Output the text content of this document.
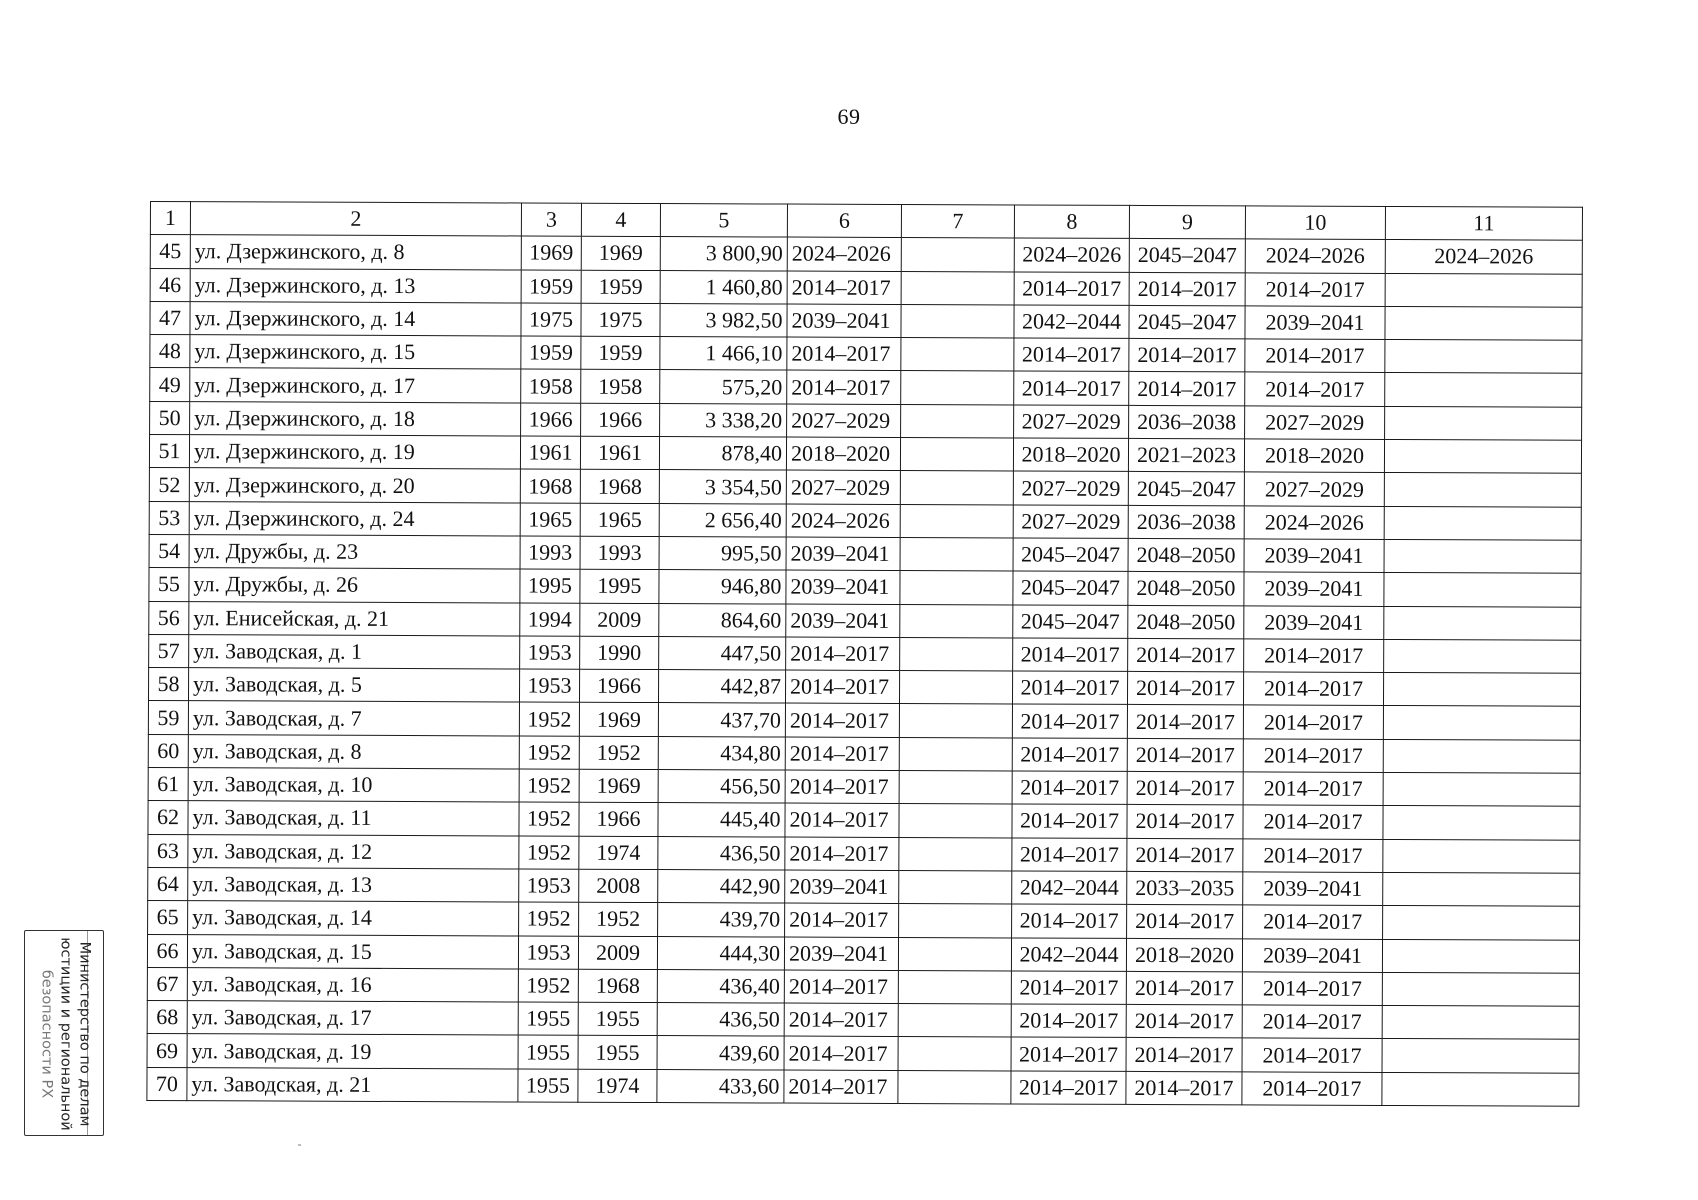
69
1	2	3	4	5	6	7	8	9	10	11
45	ул. Дзержинского, д. 8	1969	1969	3 800,90	2024–2026		2024–2026	2045–2047	2024–2026	2024–2026
46	ул. Дзержинского, д. 13	1959	1959	1 460,80	2014–2017		2014–2017	2014–2017	2014–2017	
47	ул. Дзержинского, д. 14	1975	1975	3 982,50	2039–2041		2042–2044	2045–2047	2039–2041	
48	ул. Дзержинского, д. 15	1959	1959	1 466,10	2014–2017		2014–2017	2014–2017	2014–2017	
49	ул. Дзержинского, д. 17	1958	1958	575,20	2014–2017		2014–2017	2014–2017	2014–2017	
50	ул. Дзержинского, д. 18	1966	1966	3 338,20	2027–2029		2027–2029	2036–2038	2027–2029	
51	ул. Дзержинского, д. 19	1961	1961	878,40	2018–2020		2018–2020	2021–2023	2018–2020	
52	ул. Дзержинского, д. 20	1968	1968	3 354,50	2027–2029		2027–2029	2045–2047	2027–2029	
53	ул. Дзержинского, д. 24	1965	1965	2 656,40	2024–2026		2027–2029	2036–2038	2024–2026	
54	ул. Дружбы, д. 23	1993	1993	995,50	2039–2041		2045–2047	2048–2050	2039–2041	
55	ул. Дружбы, д. 26	1995	1995	946,80	2039–2041		2045–2047	2048–2050	2039–2041	
56	ул. Енисейская, д. 21	1994	2009	864,60	2039–2041		2045–2047	2048–2050	2039–2041	
57	ул. Заводская, д. 1	1953	1990	447,50	2014–2017		2014–2017	2014–2017	2014–2017	
58	ул. Заводская, д. 5	1953	1966	442,87	2014–2017		2014–2017	2014–2017	2014–2017	
59	ул. Заводская, д. 7	1952	1969	437,70	2014–2017		2014–2017	2014–2017	2014–2017	
60	ул. Заводская, д. 8	1952	1952	434,80	2014–2017		2014–2017	2014–2017	2014–2017	
61	ул. Заводская, д. 10	1952	1969	456,50	2014–2017		2014–2017	2014–2017	2014–2017	
62	ул. Заводская, д. 11	1952	1966	445,40	2014–2017		2014–2017	2014–2017	2014–2017	
63	ул. Заводская, д. 12	1952	1974	436,50	2014–2017		2014–2017	2014–2017	2014–2017	
64	ул. Заводская, д. 13	1953	2008	442,90	2039–2041		2042–2044	2033–2035	2039–2041	
65	ул. Заводская, д. 14	1952	1952	439,70	2014–2017		2014–2017	2014–2017	2014–2017	
66	ул. Заводская, д. 15	1953	2009	444,30	2039–2041		2042–2044	2018–2020	2039–2041	
67	ул. Заводская, д. 16	1952	1968	436,40	2014–2017		2014–2017	2014–2017	2014–2017	
68	ул. Заводская, д. 17	1955	1955	436,50	2014–2017		2014–2017	2014–2017	2014–2017	
69	ул. Заводская, д. 19	1955	1955	439,60	2014–2017		2014–2017	2014–2017	2014–2017	
70	ул. Заводская, д. 21	1955	1974	433,60	2014–2017		2014–2017	2014–2017	2014–2017	
Министерство по делам
юстиции и региональной
безопасности РХ
